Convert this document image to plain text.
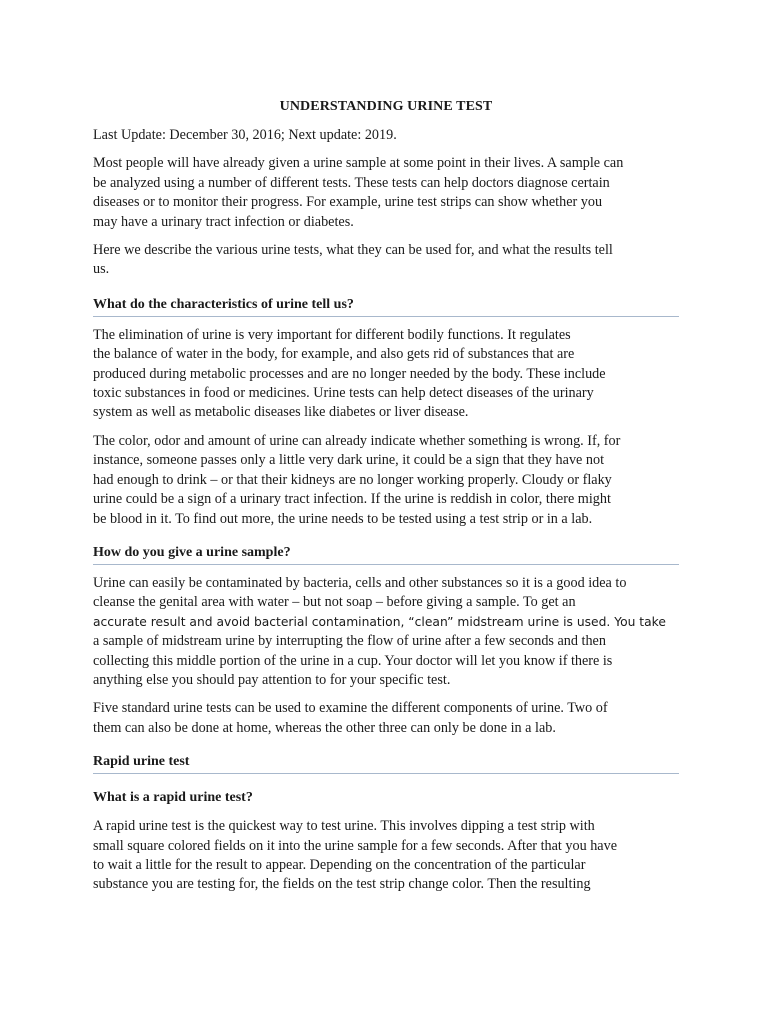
UNDERSTANDING URINE TEST
Last Update: December 30, 2016; Next update: 2019.
Most people will have already given a urine sample at some point in their lives. A sample can
be analyzed using a number of different tests. These tests can help doctors diagnose certain
diseases or to monitor their progress. For example, urine test strips can show whether you
may have a urinary tract infection or diabetes.
Here we describe the various urine tests, what they can be used for, and what the results tell
us.
What do the characteristics of urine tell us?
The elimination of urine is very important for different bodily functions. It regulates
the balance of water in the body, for example, and also gets rid of substances that are
produced during metabolic processes and are no longer needed by the body. These include
toxic substances in food or medicines. Urine tests can help detect diseases of the urinary
system as well as metabolic diseases like diabetes or liver disease.
The color, odor and amount of urine can already indicate whether something is wrong. If, for
instance, someone passes only a little very dark urine, it could be a sign that they have not
had enough to drink – or that their kidneys are no longer working properly. Cloudy or flaky
urine could be a sign of a urinary tract infection. If the urine is reddish in color, there might
be blood in it. To find out more, the urine needs to be tested using a test strip or in a lab.
How do you give a urine sample?
Urine can easily be contaminated by bacteria, cells and other substances so it is a good idea to
cleanse the genital area with water – but not soap – before giving a sample. To get an
accurate result and avoid bacterial contamination, “clean” midstream urine is used. You take
a sample of midstream urine by interrupting the flow of urine after a few seconds and then
collecting this middle portion of the urine in a cup. Your doctor will let you know if there is
anything else you should pay attention to for your specific test.
Five standard urine tests can be used to examine the different components of urine. Two of
them can also be done at home, whereas the other three can only be done in a lab.
Rapid urine test
What is a rapid urine test?
A rapid urine test is the quickest way to test urine. This involves dipping a test strip with
small square colored fields on it into the urine sample for a few seconds. After that you have
to wait a little for the result to appear. Depending on the concentration of the particular
substance you are testing for, the fields on the test strip change color. Then the resulting
